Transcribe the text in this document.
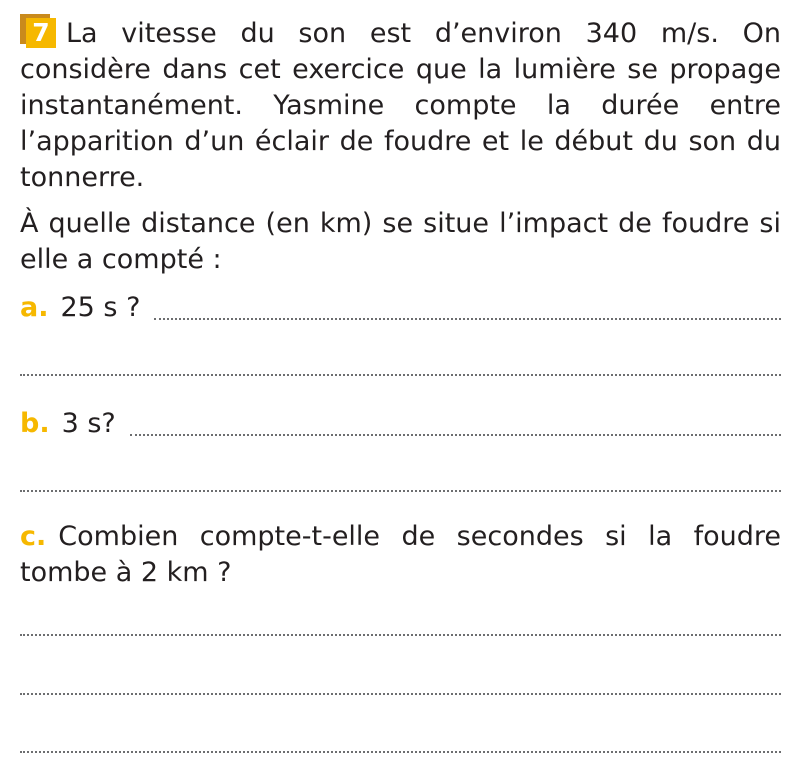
7 La vitesse du son est d’environ 340 m/s. On considère dans cet exercice que la lumière se propage instantanément. Yasmine compte la durée entre l’apparition d’un éclair de foudre et le début du son du tonnerre.

À quelle distance (en km) se situe l’impact de foudre si elle a compté :

a. 25 s ?
b. 3 s?

c. Combien compte-t-elle de secondes si la foudre tombe à 2 km ?
